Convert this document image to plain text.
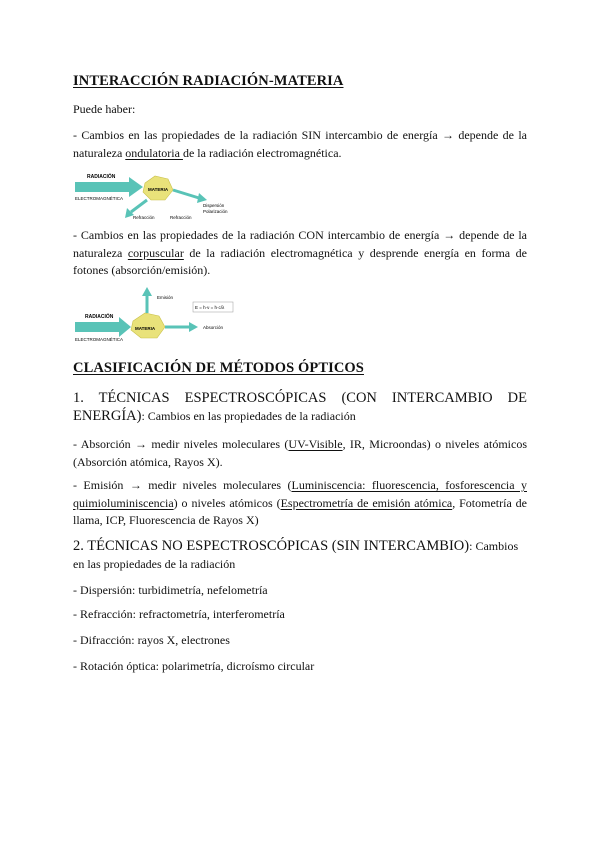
INTERACCIÓN RADIACIÓN-MATERIA
Puede haber:
- Cambios en las propiedades de la radiación SIN intercambio de energía → depende de la naturaleza ondulatoria de la radiación electromagnética.
RADIACIÓN
ELECTROMAGNÉTICA
MATERIA
Dispersión
Polarización
Refracción	Refracción
- Cambios en las propiedades de la radiación CON intercambio de energía → depende de la naturaleza corpuscular de la radiación electromagnética y desprende energía en forma de fotones (absorción/emisión).
RADIACIÓN
ELECTROMAGNÉTICA
MATERIA
Emisión
Absorción
E = h·ν = h·c/λ
CLASIFICACIÓN DE MÉTODOS ÓPTICOS
1. TÉCNICAS ESPECTROSCÓPICAS (CON INTERCAMBIO DE ENERGÍA): Cambios en las propiedades de la radiación
- Absorción → medir niveles moleculares (UV-Visible, IR, Microondas) o niveles atómicos (Absorción atómica, Rayos X).
- Emisión → medir niveles moleculares (Luminiscencia: fluorescencia, fosforescencia y quimioluminiscencia) o niveles atómicos (Espectrometría de emisión atómica, Fotometría de llama, ICP, Fluorescencia de Rayos X)
2. TÉCNICAS NO ESPECTROSCÓPICAS (SIN INTERCAMBIO): Cambios en las propiedades de la radiación
- Dispersión: turbidimetría, nefelometría
- Refracción: refractometría, interferometría
- Difracción: rayos X, electrones
- Rotación óptica: polarimetría, dicroísmo circular
